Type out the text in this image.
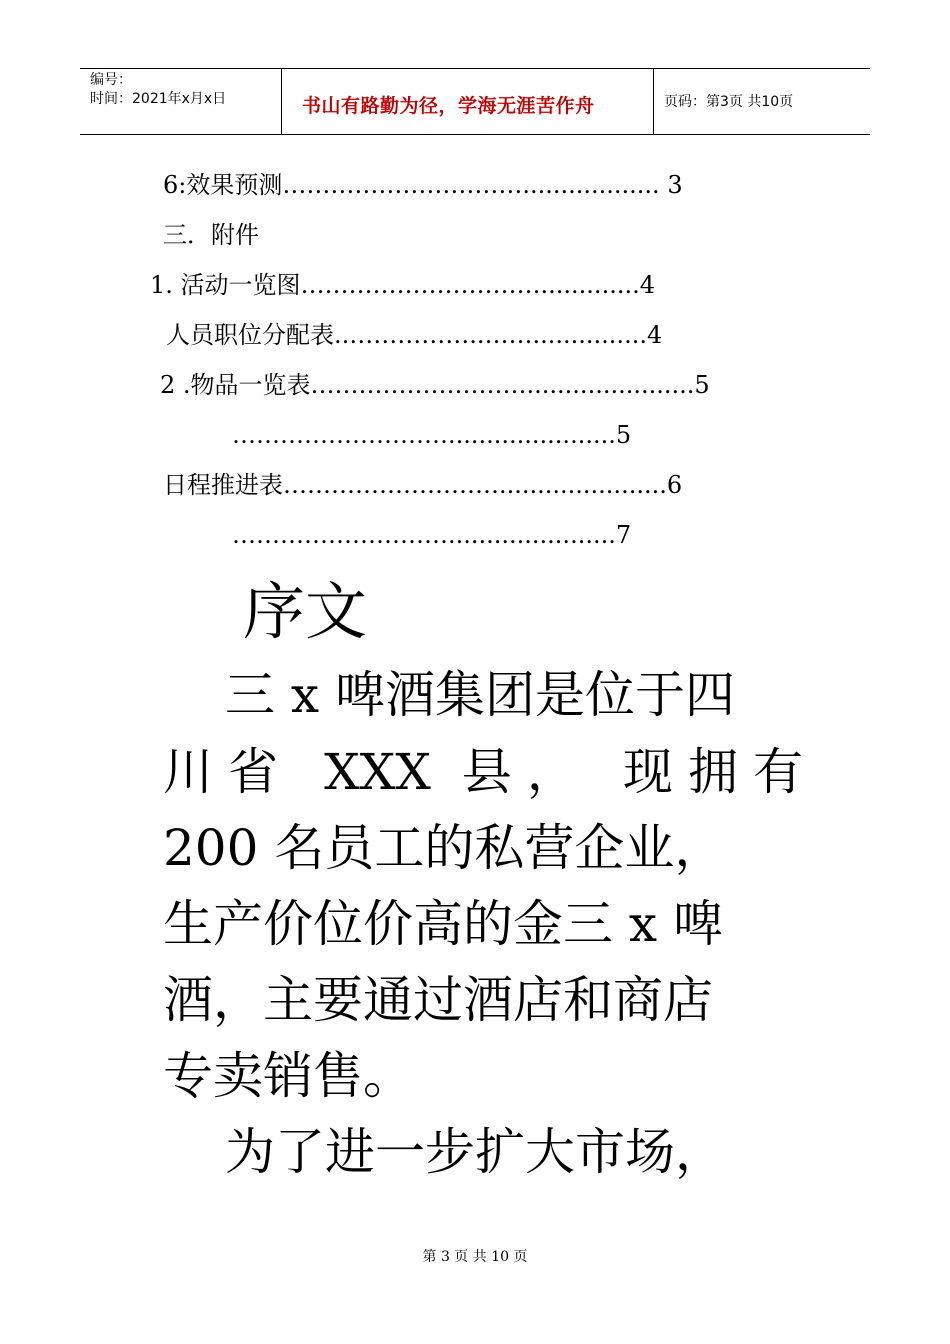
编号：
时间：2021年x月x日	书山有路勤为径，学海无涯苦作舟	页码：第3页 共10页
6:效果预测………………………….................. 3
三．附件
1. 活动一览图………………………….............4
人员职位分配表..……………..……...............4
2 .物品一览表………………………......................5
………………………......................5
日程推进表………………………......................6
………………………......................7
序文
三 x 啤酒集团是位于四
川省 XXX 县， 现拥有
200 名员工的私营企业，
生产价位价高的金三 x 啤
酒，主要通过酒店和商店
专卖销售。
为了进一步扩大市场，
第 3 页 共 10 页
